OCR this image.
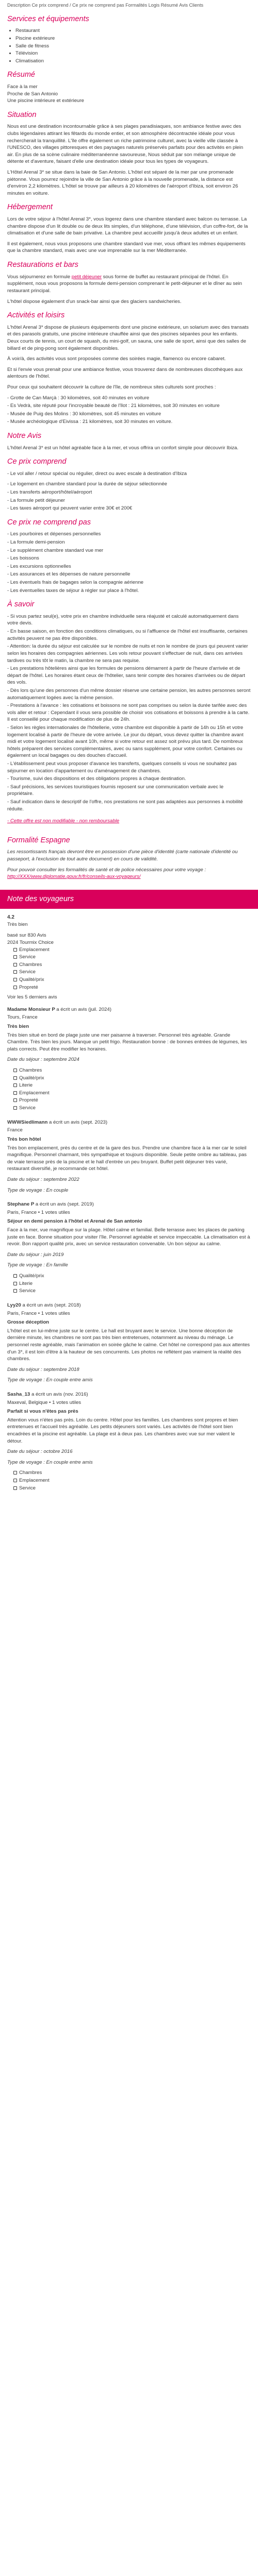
Description Ce prix comprend / Ce prix ne comprend pas Formalités Logis Résumé Avis Clients
Services et équipements
• Restaurant
• Piscine extérieure
• Salle de fitness
• Télévision
• Climatisation
Résumé
Face à la mer
Proche de San Antonio
Une piscine intérieure et extérieure
Situation

Nous est une destination incontournable grâce à ses plages paradisiaques, son ambiance festive avec des clubs légendaires attirant les fêtards du monde entier, et son atmosphère décontractée idéale pour vous rechercherait la tranquillité. L'île offre également un riche patrimoine culturel, avec la vieille ville classée à l'UNESCO, des villages pittoresques et des paysages naturels préservés parfaits pour des activités en plein air. En plus de sa scène culinaire méditerranéenne savoureuse, Nous séduit par son mélange unique de détente et d'aventure, faisant d'elle une destination idéale pour tous les types de voyageurs.

L'Hôtel Arenal 3* se situe dans la baie de San Antonio. L'hôtel est séparé de la mer par une promenade piétonne. Vous pourrez rejoindre la ville de San Antonio grâce à la nouvelle promenade, la distance est d'environ 2,2 kilomètres. L'hôtel se trouve par ailleurs à 20 kilomètres de l'aéroport d'Ibiza, soit environ 26 minutes en voiture.

Hébergement

Lors de votre séjour à l'hôtel Arenal 3*, vous logerez dans une chambre standard avec balcon ou terrasse. La chambre dispose d'un lit double ou de deux lits simples, d'un téléphone, d'une télévision, d'un coffre-fort, de la climatisation et d'une salle de bain privative. La chambre peut accueillir jusqu'à deux adultes et un enfant.

Il est également, nous vous proposons une chambre standard vue mer, vous offrant les mêmes équipements que la chambre standard, mais avec une vue imprenable sur la mer Méditerranée.

Restaurations et bars

Vous séjournerez en formule petit déjeuner sous forme de buffet au restaurant principal de l'hôtel. En supplément, nous vous proposons la formule demi-pension comprenant le petit-déjeuner et le dîner au sein restaurant principal.

L'hôtel dispose également d'un snack-bar ainsi que des glaciers sandwicheries.

Activités et loisirs

L'hôtel Arenal 3* dispose de plusieurs équipements dont une piscine extérieure, un solarium avec des transats et des parasols gratuits, une piscine intérieure chauffée ainsi que des piscines séparées pour les enfants. Deux courts de tennis, un court de squash, du mini-golf, un sauna, une salle de sport, ainsi que des salles de billard et de ping-pong sont également disponibles.

À voir/à, des activités vous sont proposées comme des soirées magie, flamenco ou encore cabaret.

Et si l'envie vous prenait pour une ambiance festive, vous trouverez dans de nombreuses discothèques aux alentours de l'hôtel.

Pour ceux qui souhaitent découvrir la culture de l'île, de nombreux sites culturels sont proches :

- Grotte de Can Marçà : 30 kilomètres, soit 40 minutes en voiture
- Es Vedrà, site réputé pour l'incroyable beauté de l'îlot : 21 kilomètres, soit 30 minutes en voiture
- Musée de Puig des Molins : 30 kilomètres, soit 45 minutes en voiture
- Musée archéologique d'Eivissa : 21 kilomètres, soit 30 minutes en voiture.
Notre Avis

L'hôtel Arenal 3* est un hôtel agréable face à la mer, et vous offrira un confort simple pour découvrir Ibiza.

Ce prix comprend

- Le vol aller / retour spécial ou régulier, direct ou avec escale à destination d'Ibiza

- Le logement en chambre standard pour la durée de séjour sélectionnée
- Les transferts aéroport/hôtel/aéroport
- La formule petit déjeuner
- Les taxes aéroport qui peuvent varier entre 30€ et 200€
Ce prix ne comprend pas
- Les pourboires et dépenses personnelles
- La formule demi-pension
- Le supplément chambre standard vue mer
- Les boissons
- Les excursions optionnelles
- Les assurances et les dépenses de nature personnelle
- Les éventuels frais de bagages selon la compagnie aérienne
- Les éventuelles taxes de séjour à régler sur place à l'hôtel.
À savoir
- Si vous partez seul(e), votre prix en chambre individuelle sera réajusté et calculé automatiquement dans votre devis.
- En basse saison, en fonction des conditions climatiques, ou si l'affluence de l'hôtel est insuffisante, certaines activités peuvent ne pas être disponibles.
- Attention: la durée du séjour est calculée sur le nombre de nuits et non le nombre de jours qui peuvent varier selon les horaires des compagnies aériennes. Les vols retour pouvant s'effectuer de nuit, dans ces arrivées tardives ou très tôt le matin, la chambre ne sera pas requise.
- Les prestations hôtelières ainsi que les formules de pensions démarrent à partir de l'heure d'arrivée et de départ de l'hôtel. Les horaires étant ceux de l'hôtelier, sans tenir compte des horaires d'arrivées ou de départ des vols.
- Dès lors qu'une des personnes d'un même dossier réserve une certaine pension, les autres personnes seront automatiquement logées avec la même pension.
- Prestations à l'avance : les cotisations et boissons ne sont pas comprises ou selon la durée tarifée avec des vols aller et retour : Cependant il vous sera possible de choisir vos cotisations et boissons à prendre à la carte. Il est conseillé pour chaque modification de plus de 24h.
- Selon les règles internationales de l'hôtellerie, votre chambre est disponible à partir de 14h ou 15h et votre logement localisé à partir de l'heure de votre arrivée. Le jour du départ, vous devez quitter la chambre avant midi et votre logement localisé avant 10h, même si votre retour est assez soit prévu plus tard. De nombreux hôtels préparent des services complémentaires, avec ou sans supplément, pour votre confort. Certaines ou également un local bagages ou des douches d'accueil.
- L'établissement peut vous proposer d'avance les transferts, quelques conseils si vous ne souhaitez pas séjourner en location d'appartement ou d'aménagement de chambres.
- Tourisme, suivi des dispositions et des obligations propres à chaque destination.
- Sauf précisions, les services touristiques fournis reposent sur une communication verbale avec le propriétaire.
- Sauf indication dans le descriptif de l'offre, nos prestations ne sont pas adaptées aux personnes à mobilité réduite.
- Cette offre est non modifiable - non remboursable
Formalité Espagne

Les ressortissants français devront être en possession d'une pièce d'identité (carte nationale d'identité ou passeport, à l'exclusion de tout autre document) en cours de validité.

Pour pouvoir consulter les formalités de santé et de police nécessaires pour votre voyage : http://XXX/www.diplomatie.gouv.fr/fr/conseils-aux-voyageurs/

Note des voyageurs
4.2
Très bien
basé sur 830 Avis
2024 Tourmix Choice
Emplacement
Service
Chambres
Service
Qualité/prix
Propreté

Voir les 5 derniers avis

Madame Monsieur P a écrit un avis (juil. 2024)
Tours, France
Très bien

Très bien situé en bord de plage juste une mer paisanne à traverser. Personnel très agréable. Grande Chambre. Très bien les jours. Manque un petit frigo. Restauration bonne : de bonnes entrées de légumes, les plats corrects. Peut être modifier les horaires.

Date du séjour : septembre 2024

Chambres
Qualité/prix
Literie
Emplacement
Propreté
Service
WWWSiedlimann a écrit un avis (sept. 2023)
France
Très bon hôtel

Très bon emplacement, près du centre et de la gare des bus. Prendre une chambre face à la mer car le soleil magnifique. Personnel charmant, très sympathique et toujours disponible. Seule petite ombre au tableau, pas de vraie terrasse près de la piscine et le hall d'entrée un peu bruyant. Buffet petit déjeuner très varié, restaurant diversifié, je recommande cet hôtel.

Date du séjour : septembre 2022

Type de voyage : En couple

Stephane P a écrit un avis (sept. 2019)
Paris, France • 1 votes utiles
Séjour en demi pension à l'hôtel et Arenal de San antonio

Face à la mer, vue magnifique sur la plage. Hôtel calme et familial. Belle terrasse avec les places de parking juste en face. Bonne situation pour visiter l'île. Personnel agréable et service impeccable. La climatisation est à revoir. Bon rapport qualité prix, avec un service restauration convenable. Un bon séjour au calme.

Date du séjour : juin 2019

Type de voyage : En famille

Qualité/prix
Literie
Service
Lyy20 a écrit un avis (sept. 2018)
Paris, France • 1 votes utiles
Grosse déception

L'hôtel est en lui-même juste sur le centre. Le hall est bruyant avec le service. Une bonne déception de dernière minute, les chambres ne sont pas très bien entretenues, notamment au niveau du ménage. Le personnel reste agréable, mais l'animation en soirée gâche le calme. Cet hôtel ne correspond pas aux attentes d'un 3*, il est loin d'être à la hauteur de ses concurrents. Les photos ne reflètent pas vraiment la réalité des chambres.

Date du séjour : septembre 2018

Type de voyage : En couple entre amis

Sasha_13 a écrit un avis (nov. 2016)
Maxeval, Belgique • 1 votes utiles
Parfait si vous n'êtes pas près

Attention vous n'étes pas près. Loin du centre. Hôtel pour les familles. Les chambres sont propres et bien entretenues et l'accueil très agréable. Les petits déjeuners sont variés. Les activités de l'hôtel sont bien encadrées et la piscine est agréable. La plage est à deux pas. Les chambres avec vue sur mer valent le détour.

Date du séjour : octobre 2016

Type de voyage : En couple entre amis

Chambres
Emplacement
Service
